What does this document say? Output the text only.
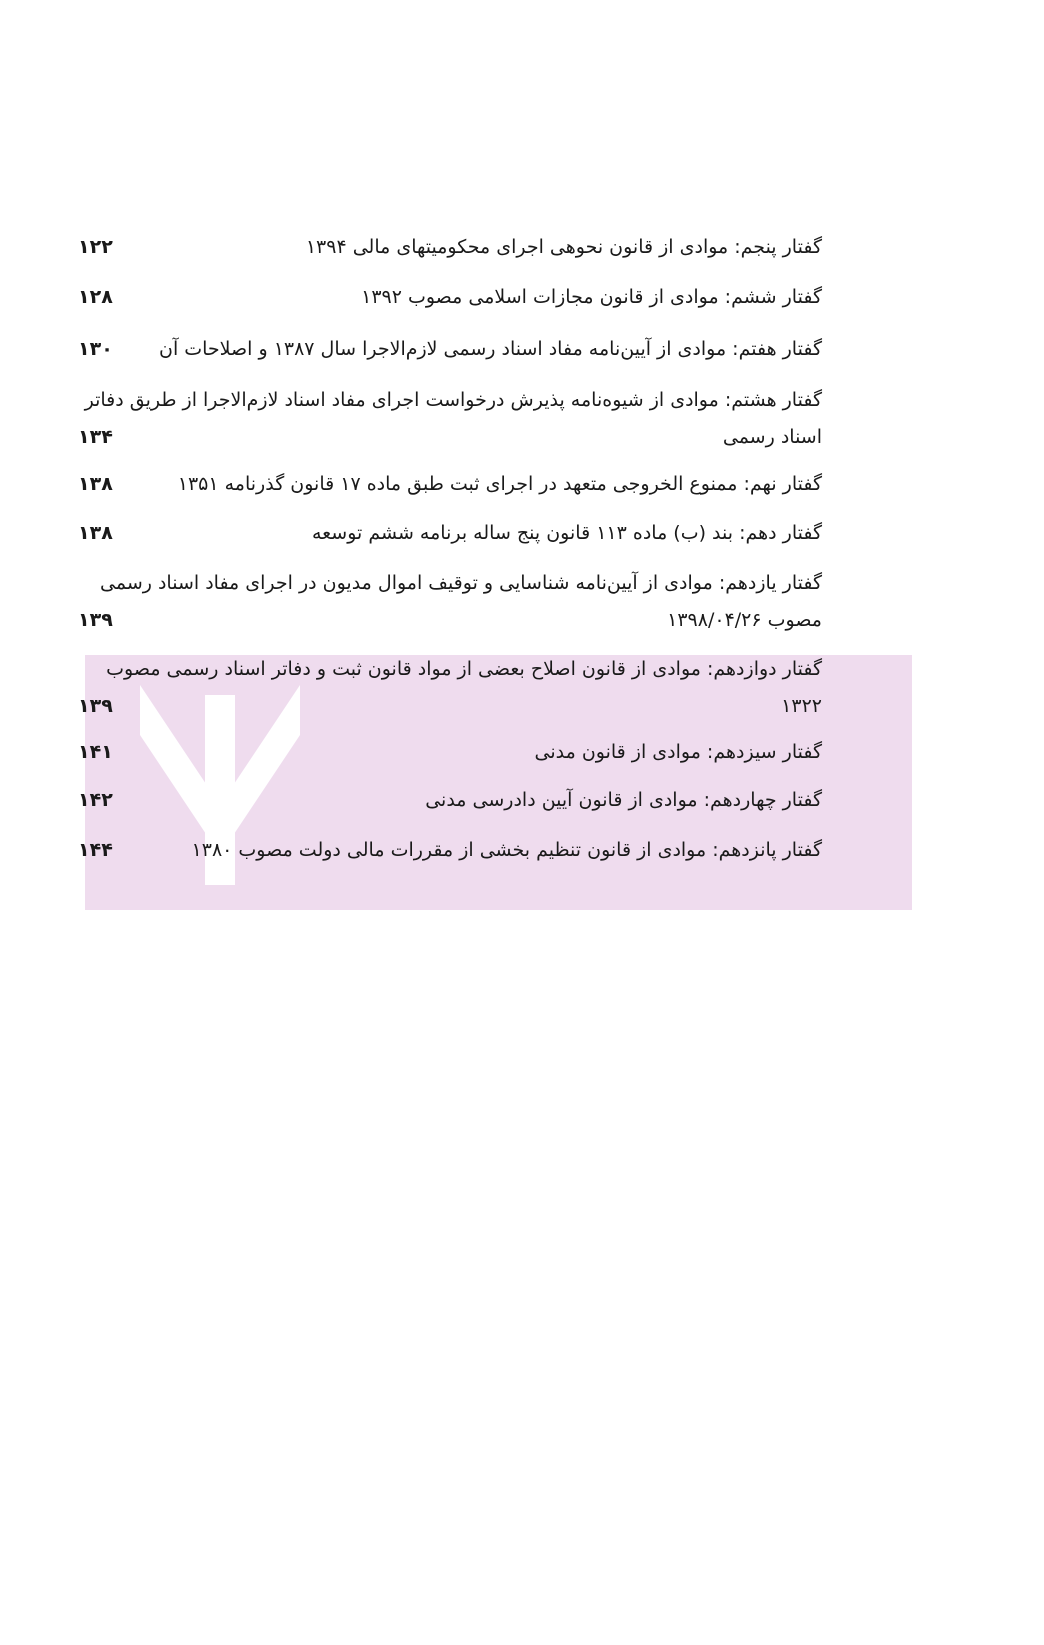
گفتار پنجم: موادی از قانون نحوهی اجرای محکومیتهای مالی ۱۳۹۴
۱۲۲
گفتار ششم: موادی از قانون مجازات اسلامی مصوب ۱۳۹۲
۱۲۸
گفتار هفتم: موادی از آیین‌نامه مفاد اسناد رسمی لازم‌الاجرا سال ۱۳۸۷ و اصلاحات آن
۱۳۰
گفتار هشتم: موادی از شیوه‌نامه پذیرش درخواست اجرای مفاد اسناد لازم‌الاجرا از طریق دفاتر اسناد رسمی
۱۳۴
گفتار نهم: ممنوع الخروجی متعهد در اجرای ثبت طبق ماده ۱۷ قانون گذرنامه ۱۳۵۱
۱۳۸
گفتار دهم: بند (ب) ماده ۱۱۳ قانون پنج ساله برنامه ششم توسعه
۱۳۸
گفتار یازدهم: موادی از آیین‌نامه شناسایی و توقیف اموال مدیون در اجرای مفاد اسناد رسمی مصوب ۱۳۹۸/۰۴/۲۶
۱۳۹
گفتار دوازدهم: موادی از قانون اصلاح بعضی از مواد قانون ثبت و دفاتر اسناد رسمی مصوب ۱۳۲۲
۱۳۹
گفتار سیزدهم: موادی از قانون مدنی
۱۴۱
گفتار چهاردهم: موادی از قانون آیین دادرسی مدنی
۱۴۲
گفتار پانزدهم: موادی از قانون تنظیم بخشی از مقررات مالی دولت مصوب ۱۳۸۰
۱۴۴
